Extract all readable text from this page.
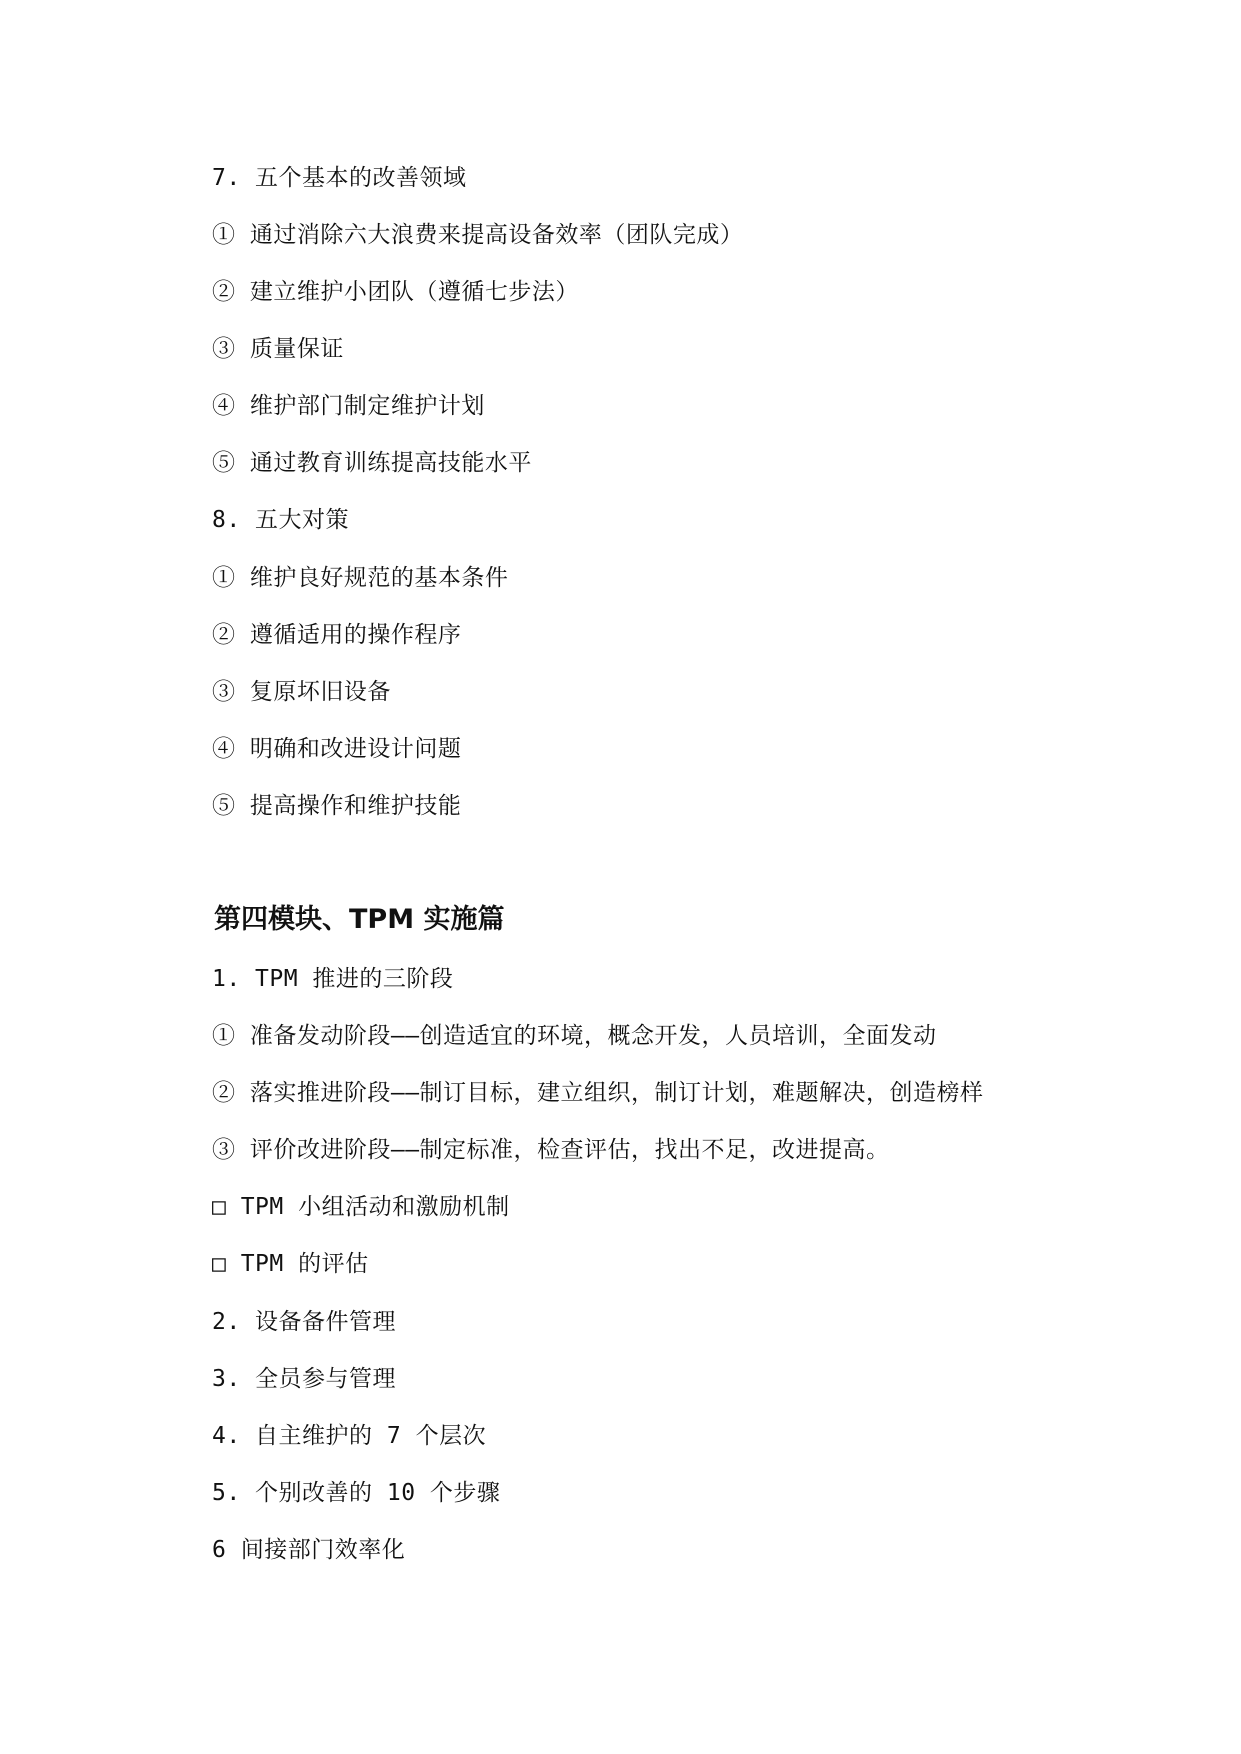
7. 五个基本的改善领域
① 通过消除六大浪费来提高设备效率（团队完成）
② 建立维护小团队（遵循七步法）
③ 质量保证
④ 维护部门制定维护计划
⑤ 通过教育训练提高技能水平
8. 五大对策
① 维护良好规范的基本条件
② 遵循适用的操作程序
③ 复原坏旧设备
④ 明确和改进设计问题
⑤ 提高操作和维护技能
第四模块、TPM 实施篇
1. TPM 推进的三阶段
① 准备发动阶段——创造适宜的环境，概念开发，人员培训，全面发动
② 落实推进阶段——制订目标，建立组织，制订计划，难题解决，创造榜样
③ 评价改进阶段——制定标准，检查评估，找出不足，改进提高。
□ TPM 小组活动和激励机制
□ TPM 的评估
2. 设备备件管理
3. 全员参与管理
4. 自主维护的 7 个层次
5. 个别改善的 10 个步骤
6 间接部门效率化
